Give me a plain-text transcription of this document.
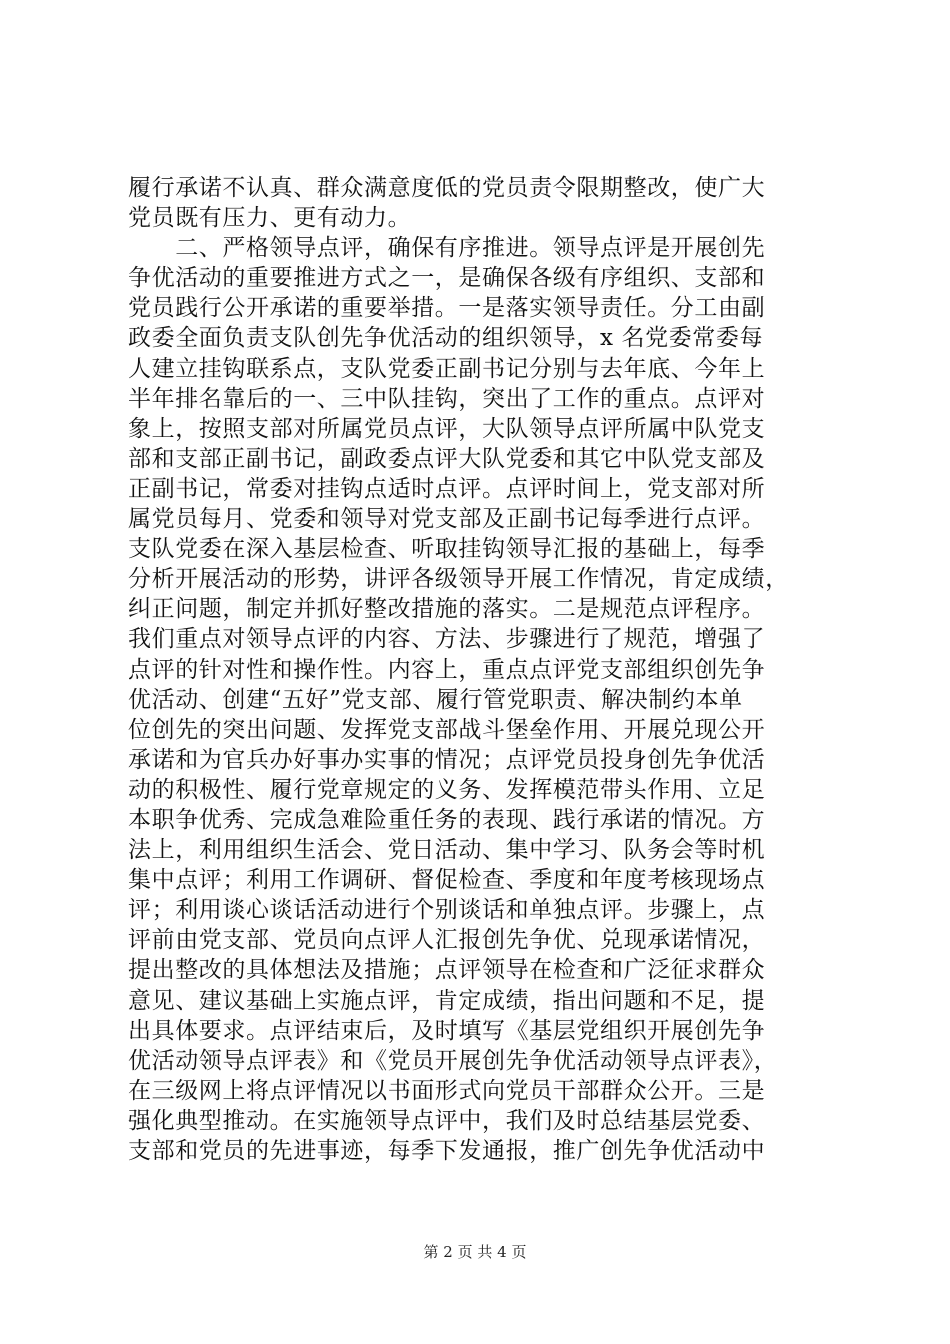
履行承诺不认真、群众满意度低的党员责令限期整改，使广大
党员既有压力、更有动力。
　　二、严格领导点评，确保有序推进。领导点评是开展创先
争优活动的重要推进方式之一，是确保各级有序组织、支部和
党员践行公开承诺的重要举措。一是落实领导责任。分工由副
政委全面负责支队创先争优活动的组织领导，x 名党委常委每
人建立挂钩联系点，支队党委正副书记分别与去年底、今年上
半年排名靠后的一、三中队挂钩，突出了工作的重点。点评对
象上，按照支部对所属党员点评，大队领导点评所属中队党支
部和支部正副书记，副政委点评大队党委和其它中队党支部及
正副书记，常委对挂钩点适时点评。点评时间上，党支部对所
属党员每月、党委和领导对党支部及正副书记每季进行点评。
支队党委在深入基层检查、听取挂钩领导汇报的基础上，每季
分析开展活动的形势，讲评各级领导开展工作情况，肯定成绩，
纠正问题，制定并抓好整改措施的落实。二是规范点评程序。
我们重点对领导点评的内容、方法、步骤进行了规范，增强了
点评的针对性和操作性。内容上，重点点评党支部组织创先争
优活动、创建“五好”党支部、履行管党职责、解决制约本单
位创先的突出问题、发挥党支部战斗堡垒作用、开展兑现公开
承诺和为官兵办好事办实事的情况；点评党员投身创先争优活
动的积极性、履行党章规定的义务、发挥模范带头作用、立足
本职争优秀、完成急难险重任务的表现、践行承诺的情况。方
法上，利用组织生活会、党日活动、集中学习、队务会等时机
集中点评；利用工作调研、督促检查、季度和年度考核现场点
评；利用谈心谈话活动进行个别谈话和单独点评。步骤上，点
评前由党支部、党员向点评人汇报创先争优、兑现承诺情况，
提出整改的具体想法及措施；点评领导在检查和广泛征求群众
意见、建议基础上实施点评，肯定成绩，指出问题和不足，提
出具体要求。点评结束后，及时填写《基层党组织开展创先争
优活动领导点评表》和《党员开展创先争优活动领导点评表》，
在三级网上将点评情况以书面形式向党员干部群众公开。三是
强化典型推动。在实施领导点评中，我们及时总结基层党委、
支部和党员的先进事迹，每季下发通报，推广创先争优活动中
第 2 页 共 4 页
